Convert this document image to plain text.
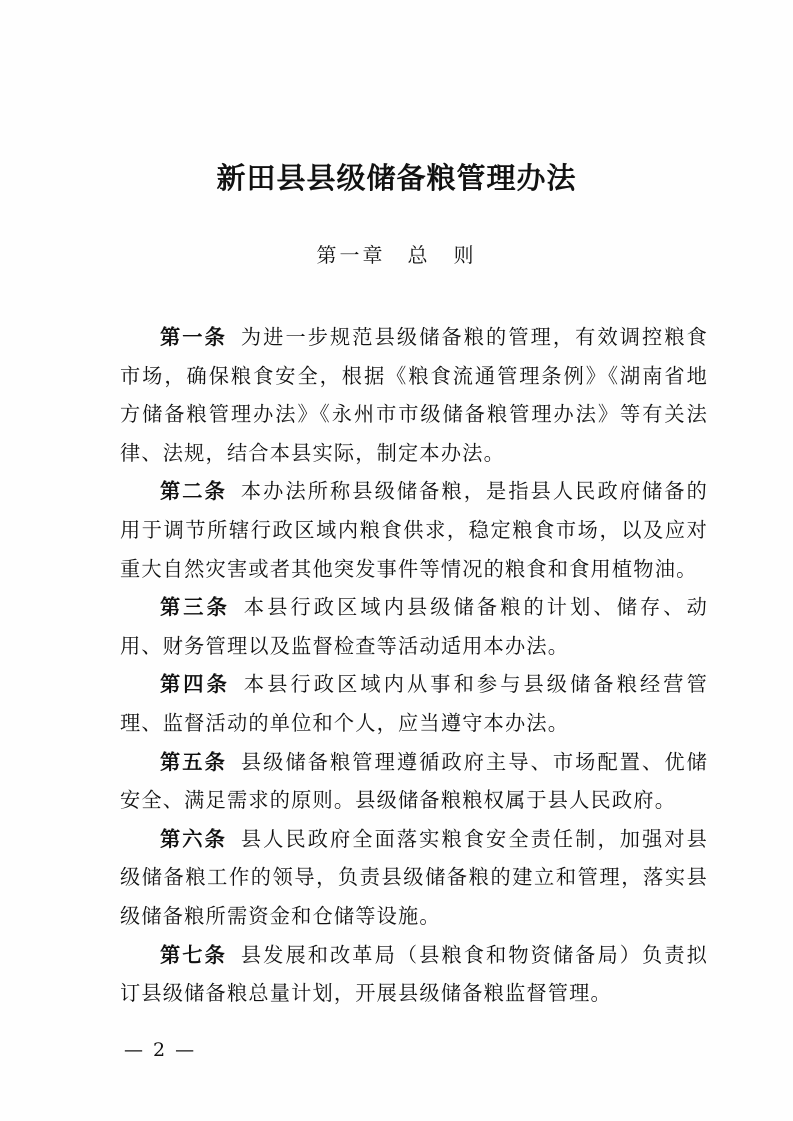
新田县县级储备粮管理办法
第一章 总　则

第一条 为进一步规范县级储备粮的管理，有效调控粮食市场，确保粮食安全，根据《粮食流通管理条例》《湖南省地方储备粮管理办法》《永州市市级储备粮管理办法》等有关法律、法规，结合本县实际，制定本办法。

第二条 本办法所称县级储备粮，是指县人民政府储备的用于调节所辖行政区域内粮食供求，稳定粮食市场，以及应对重大自然灾害或者其他突发事件等情况的粮食和食用植物油。

第三条 本县行政区域内县级储备粮的计划、储存、动用、财务管理以及监督检查等活动适用本办法。

第四条 本县行政区域内从事和参与县级储备粮经营管理、监督活动的单位和个人，应当遵守本办法。

第五条 县级储备粮管理遵循政府主导、市场配置、优储安全、满足需求的原则。县级储备粮粮权属于县人民政府。

第六条 县人民政府全面落实粮食安全责任制，加强对县级储备粮工作的领导，负责县级储备粮的建立和管理，落实县级储备粮所需资金和仓储等设施。

第七条 县发展和改革局（县粮食和物资储备局）负责拟订县级储备粮总量计划，开展县级储备粮监督管理。

— 2 —
